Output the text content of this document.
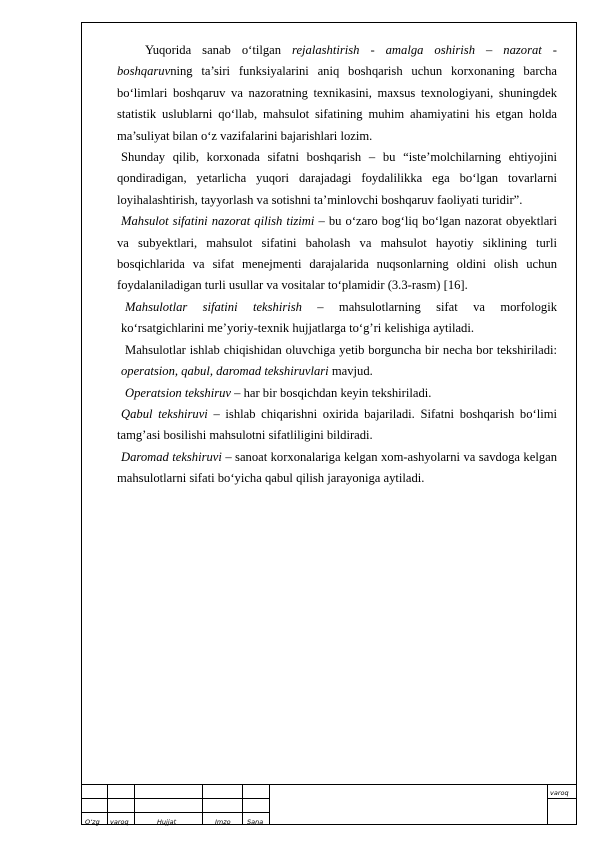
Yuqorida sanab o‘tilgan rejalashtirish - amalga oshirish – nazorat - boshqaruvning ta’siri funksiyalarini aniq boshqarish uchun korxonaning barcha bo‘limlari boshqaruv va nazoratning texnikasini, maxsus texnologiyani, shuningdek statistik uslublarni qo‘llab, mahsulot sifatining muhim ahamiyatini his etgan holda ma’suliyat bilan o‘z vazifalarini bajarishlari lozim.

Shunday qilib, korxonada sifatni boshqarish – bu “iste’molchilarning ehtiyojini qondiradigan, yetarlicha yuqori darajadagi foydalilikka ega bo‘lgan tovarlarni loyihalashtirish, tayyorlash va sotishni ta’minlovchi boshqaruv faoliyati turidir”.

Mahsulot sifatini nazorat qilish tizimi – bu o‘zaro bog‘liq bo‘lgan nazorat obyektlari va subyektlari, mahsulot sifatini baholash va mahsulot hayotiy siklining turli bosqichlarida va sifat menejmenti darajalarida nuqsonlarning oldini olish uchun foydalaniladigan turli usullar va vositalar to‘plamidir (3.3-rasm) [16].

Mahsulotlar sifatini tekshirish – mahsulotlarning sifat va morfologik ko‘rsatgichlarini me’yoriy-texnik hujjatlarga to‘g’ri kelishiga aytiladi.

Mahsulotlar ishlab chiqishidan oluvchiga yetib borguncha bir necha bor tekshiriladi: operatsion, qabul, daromad tekshiruvlari mavjud.

Operatsion tekshiruv – har bir bosqichdan keyin tekshiriladi.

Qabul tekshiruvi – ishlab chiqarishni oxirida bajariladi. Sifatni boshqarish bo‘limi tamg’asi bosilishi mahsulotni sifatliligini bildiradi.

Daromad tekshiruvi – sanoat korxonalariga kelgan xom-ashyolarni va savdoga kelgan mahsulotlarni sifati bo‘yicha qabul qilish jarayoniga aytiladi.

O‘zg varoq	Hujjat	Imzo	Sana
varoq
